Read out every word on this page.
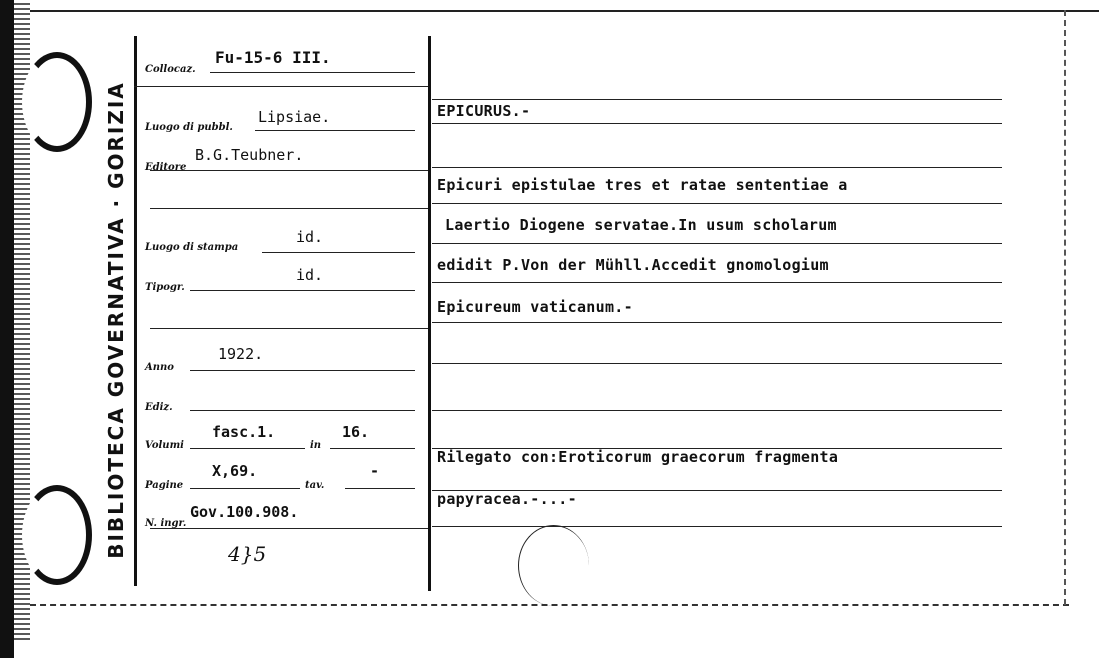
BIBLIOTECA GOVERNATIVA · GORIZIA
Collocaz.
Fu-15-6 III.
Luogo di pubbl.
Lipsiae.
Editore
B.G.Teubner.
Luogo di stampa
id.
Tipogr.
id.
Anno
1922.
Ediz.
Volumi
fasc.1.
in
16.
Pagine
X,69.
tav.
-
N. ingr.
Gov.100.908.
4}5
EPICURUS.-
Epicuri epistulae tres et ratae sententiae a
Laertio Diogene servatae.In usum scholarum
edidit P.Von der Mühll.Accedit gnomologium
Epicureum vaticanum.-
Rilegato con:Eroticorum graecorum fragmenta
papyracea.-...-
